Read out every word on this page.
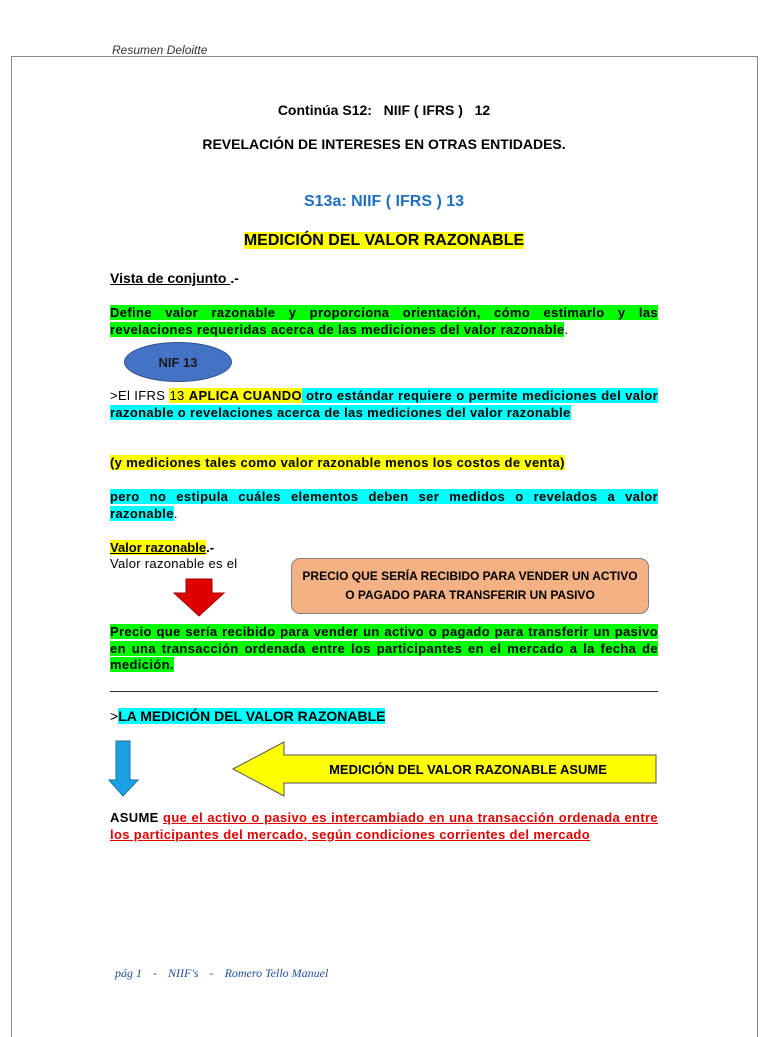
Resumen Deloitte
Continúa S12:   NIIF ( IFRS )   12
REVELACIÓN DE INTERESES EN OTRAS ENTIDADES.
S13a: NIIF ( IFRS ) 13
MEDICIÓN DEL VALOR RAZONABLE
Vista de conjunto .-
Define valor razonable y proporciona orientación, cómo estimarlo y las revelaciones requeridas acerca de las mediciones del valor razonable.
NIF 13
>El IFRS 13 APLICA CUANDO otro estándar requiere o permite mediciones del valor razonable o revelaciones acerca de las mediciones del valor razonable
(y mediciones tales como valor razonable menos los costos de venta)
pero no estipula cuáles elementos deben ser medidos o revelados a valor razonable.
Valor razonable.-
Valor razonable es el
PRECIO QUE SERÍA RECIBIDO PARA VENDER UN ACTIVO O PAGADO PARA TRANSFERIR UN PASIVO
Precio que sería recibido para vender un activo o pagado para transferir un pasivo en una transacción ordenada entre los participantes en el mercado a la fecha de medición.
>LA MEDICIÓN DEL VALOR RAZONABLE
MEDICIÓN DEL VALOR RAZONABLE ASUME
ASUME que el activo o pasivo es intercambiado en una transacción ordenada entre los participantes del mercado, según condiciones corrientes del mercado
pág 1 - NIIF's - Romero Tello Manuel
